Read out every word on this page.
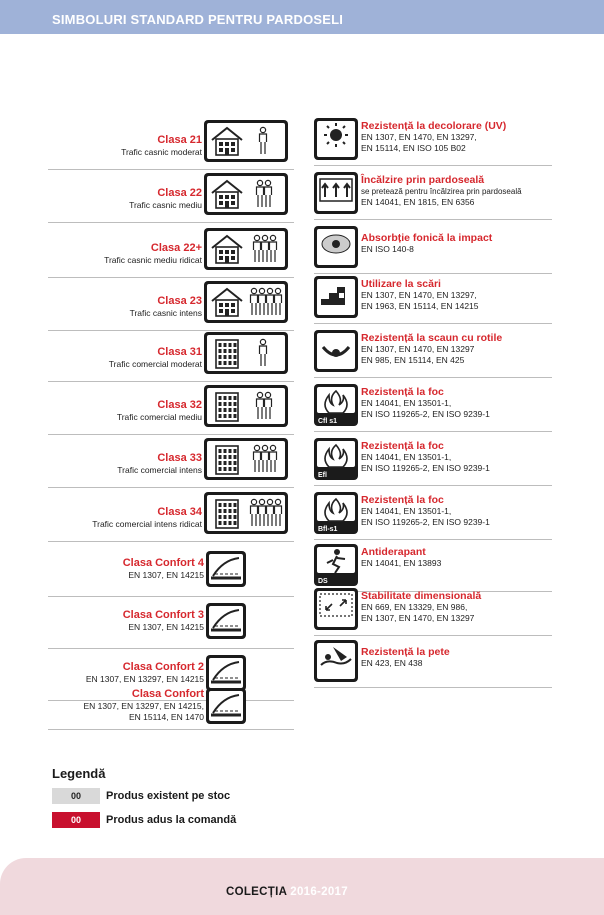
SIMBOLURI STANDARD PENTRU PARDOSELI
Clasa 21
Trafic casnic moderat
21
Clasa 22
Trafic casnic mediu
22
Clasa 22+
Trafic casnic mediu ridicat
22+
Clasa 23
Trafic casnic intens
23
Clasa 31
Trafic comercial moderat
31
Clasa 32
Trafic comercial mediu
32
Clasa 33
Trafic comercial intens
33
Clasa 34
Trafic comercial intens ridicat
34
Clasa Confort 4
EN 1307, EN 14215
Clasa Confort 3
EN 1307, EN 14215
Clasa Confort 2
EN 1307, EN 13297, EN 14215
Clasa Confort
EN 1307, EN 13297, EN 14215,
EN 15114, EN 1470
Rezistență la decolorare (UV)
EN 1307, EN 1470, EN 13297,
EN 15114, EN ISO 105 B02
Încălzire prin pardoseală
se pretează pentru încălzirea prin pardoseală
EN 14041, EN 1815, EN 6356
Absorbție fonică la impact
EN ISO 140-8
Utilizare la scări
EN 1307, EN 1470, EN 13297,
EN 1963, EN 15114, EN 14215
Rezistență la scaun cu rotile
EN 1307, EN 1470, EN 13297
EN 985, EN 15114, EN 425
Cfl s1
Rezistență la foc
EN 14041, EN 13501-1,
EN ISO 119265-2, EN ISO 9239-1
Efl
Rezistență la foc
EN 14041, EN 13501-1,
EN ISO 119265-2, EN ISO 9239-1
Bfl-s1
Rezistență la foc
EN 14041, EN 13501-1,
EN ISO 119265-2, EN ISO 9239-1
DS
Antiderapant
EN 14041, EN 13893
Stabilitate dimensională
EN 669, EN 13329, EN 986,
EN 1307, EN 1470, EN 13297
Rezistență la pete
EN 423, EN 438
Legendă
00	Produs existent pe stoc
00	Produs adus la comandă
COLECȚIA 2016-2017
